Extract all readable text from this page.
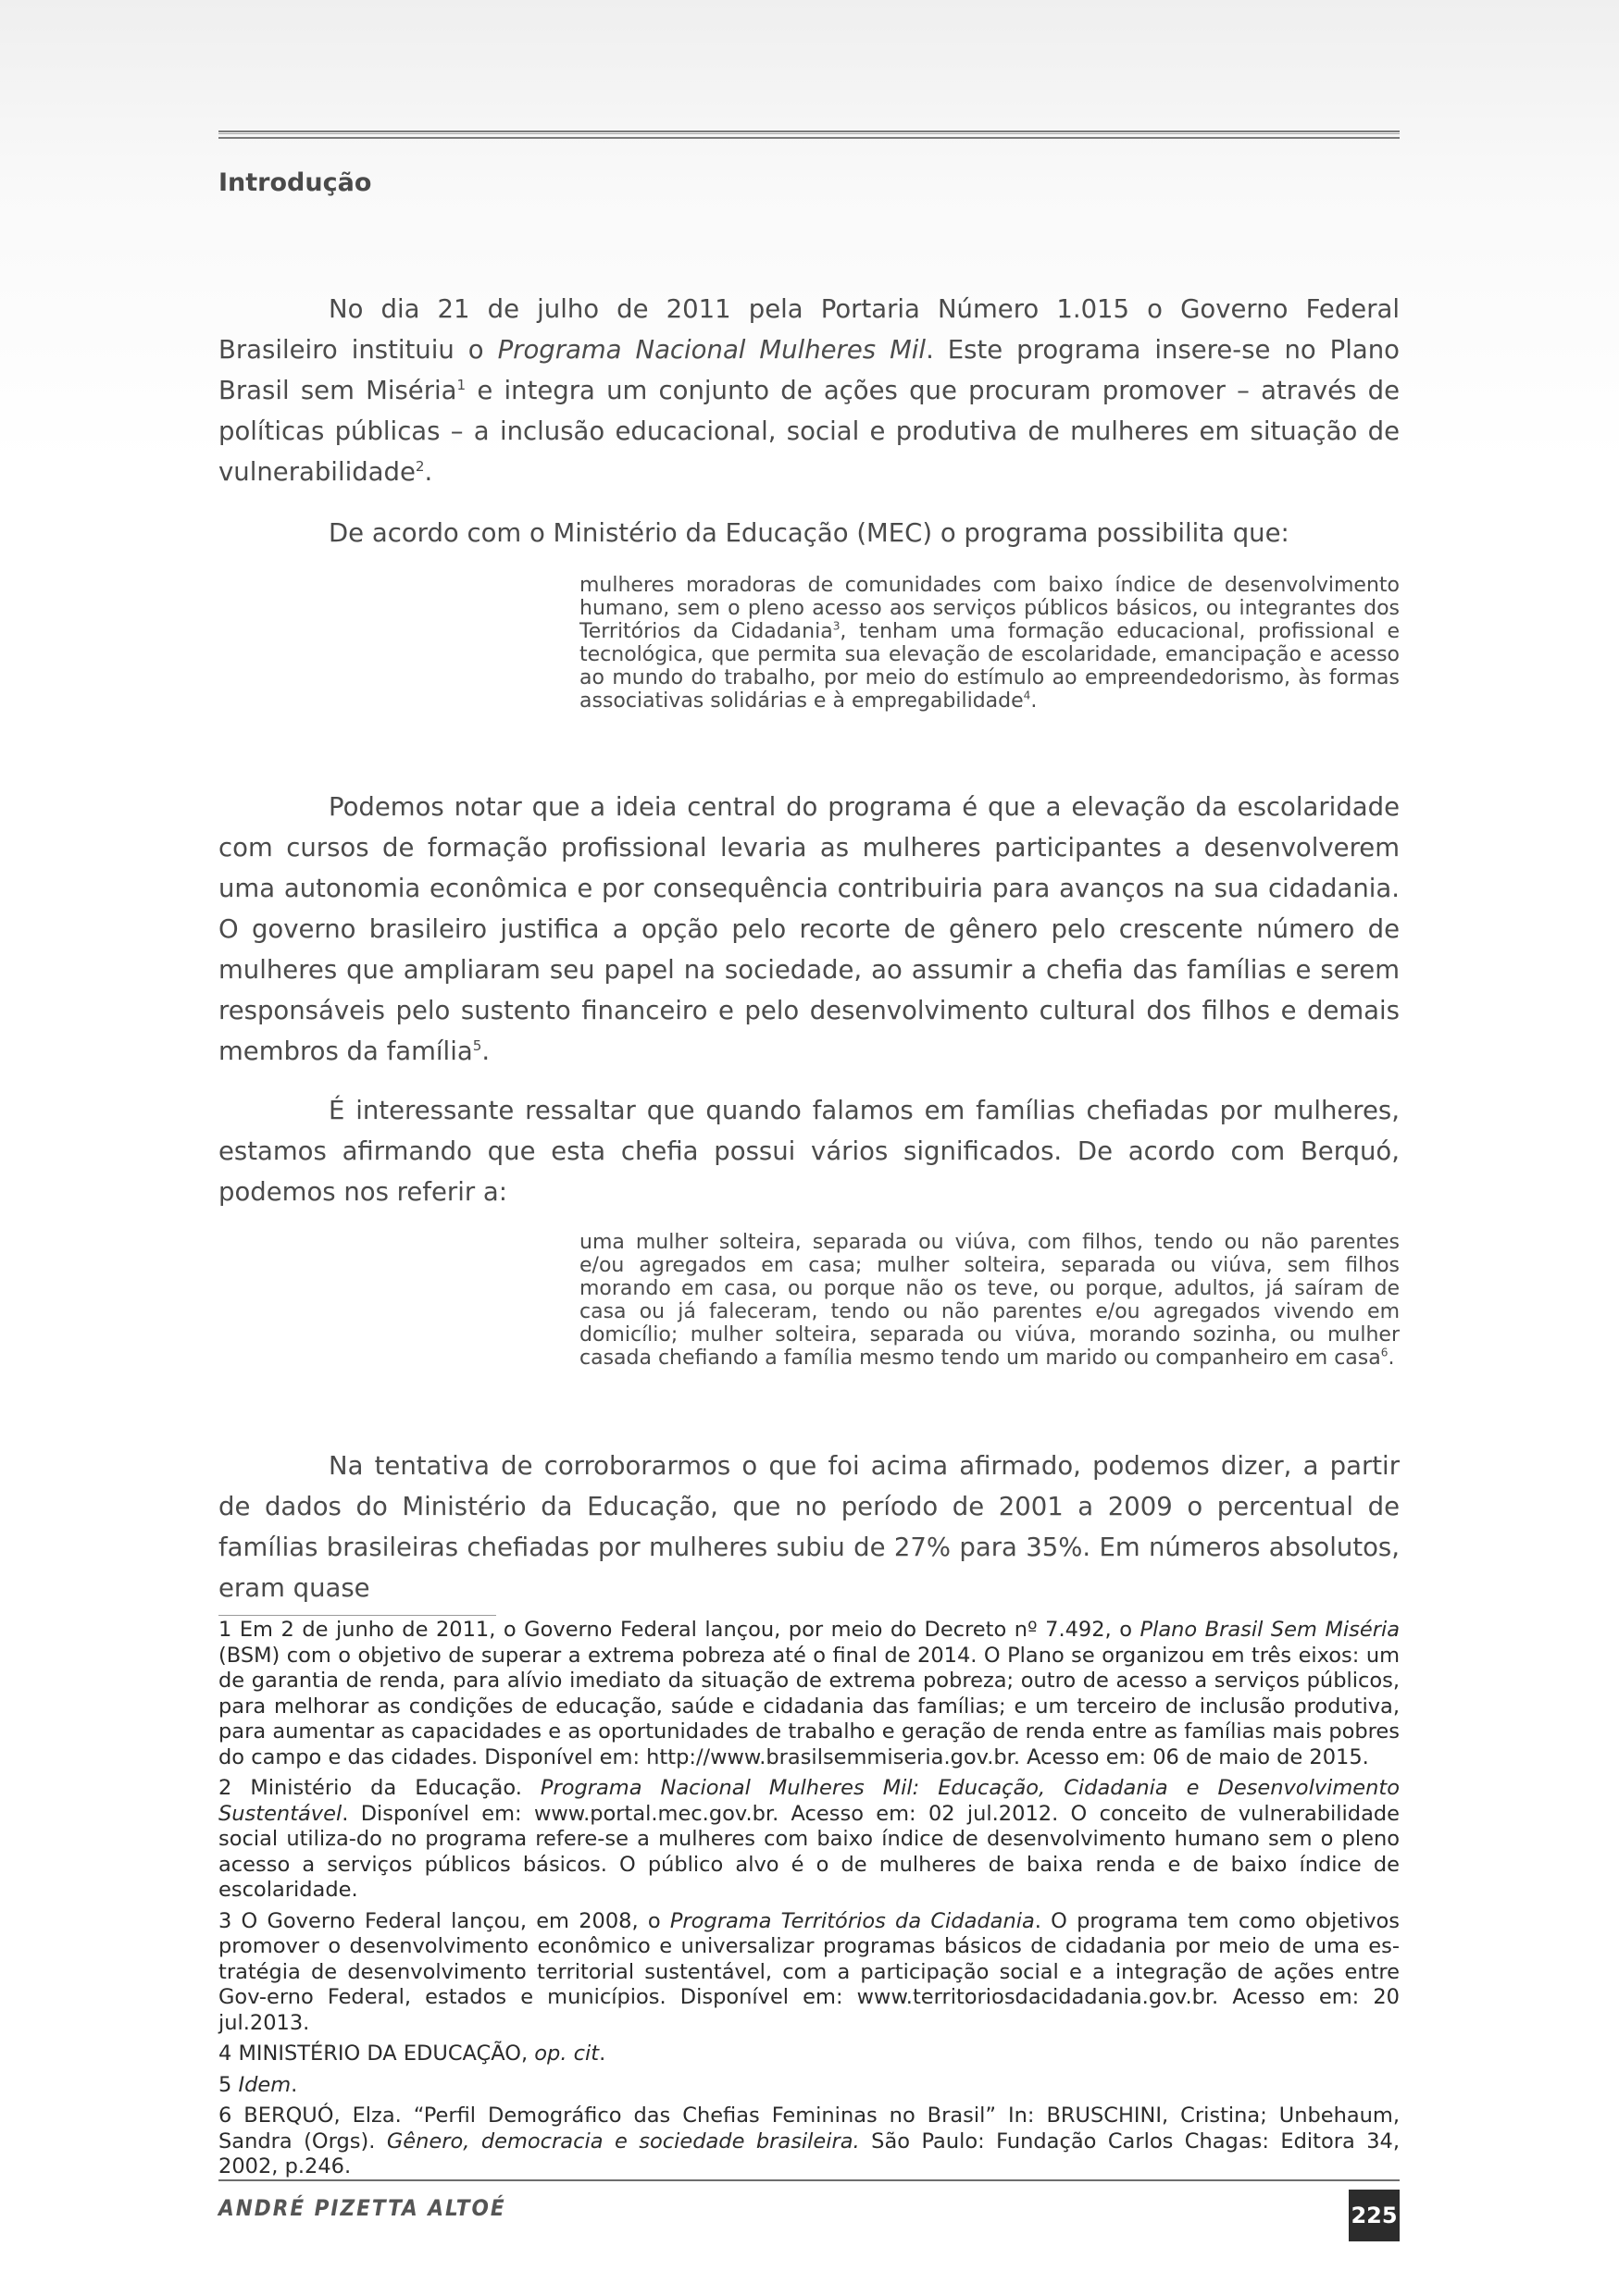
Introdução

No dia 21 de julho de 2011 pela Portaria Número 1.015 o Governo Federal Brasileiro instituiu o Programa Nacional Mulheres Mil. Este programa insere-se no Plano Brasil sem Miséria$^1$ e integra um conjunto de ações que procuram promover – através de políticas públicas – a inclusão educacional, social e produtiva de mulheres em situação de vulnerabilidade$^2$.

De acordo com o Ministério da Educação (MEC) o programa possibilita que:

mulheres moradoras de comunidades com baixo índice de desenvolvimento humano, sem o pleno acesso aos serviços públicos básicos, ou integrantes dos Territórios da Cidadania$^3$, tenham uma formação educacional, profissional e tecnológica, que permita sua elevação de escolaridade, emancipação e acesso ao mundo do trabalho, por meio do estímulo ao empreendedorismo, às formas associativas solidárias e à empregabilidade$^4$.

Podemos notar que a ideia central do programa é que a elevação da escolaridade com cursos de formação profissional levaria as mulheres participantes a desenvolverem uma autonomia econômica e por consequência contribuiria para avanços na sua cidadania. O governo brasileiro justifica a opção pelo recorte de gênero pelo crescente número de mulheres que ampliaram seu papel na sociedade, ao assumir a chefia das famílias e serem responsáveis pelo sustento financeiro e pelo desenvolvimento cultural dos filhos e demais membros da família$^5$.

É interessante ressaltar que quando falamos em famílias chefiadas por mulheres, estamos afirmando que esta chefia possui vários significados. De acordo com Berquó, podemos nos referir a:

uma mulher solteira, separada ou viúva, com filhos, tendo ou não parentes e/ou agregados em casa; mulher solteira, separada ou viúva, sem filhos morando em casa, ou porque não os teve, ou porque, adultos, já saíram de casa ou já faleceram, tendo ou não parentes e/ou agregados vivendo em domicílio; mulher solteira, separada ou viúva, morando sozinha, ou mulher casada chefiando a família mesmo tendo um marido ou companheiro em casa$^6$.

Na tentativa de corroborarmos o que foi acima afirmado, podemos dizer, a partir de dados do Ministério da Educação, que no período de 2001 a 2009 o percentual de famílias brasileiras chefiadas por mulheres subiu de 27% para 35%. Em números absolutos, eram quase

1 Em 2 de junho de 2011, o Governo Federal lançou, por meio do Decreto nº 7.492, o Plano Brasil Sem Miséria (BSM) com o objetivo de superar a extrema pobreza até o final de 2014. O Plano se organizou em três eixos: um de garantia de renda, para alívio imediato da situação de extrema pobreza; outro de acesso a serviços públicos, para melhorar as condições de educação, saúde e cidadania das famílias; e um terceiro de inclusão produtiva, para aumentar as capacidades e as oportunidades de trabalho e geração de renda entre as famílias mais pobres do campo e das cidades. Disponível em: http://www.brasilsemmiseria.gov.br. Acesso em: 06 de maio de 2015.
2 Ministério da Educação. Programa Nacional Mulheres Mil: Educação, Cidadania e Desenvolvimento Sustentável. Disponível em: www.portal.mec.gov.br. Acesso em: 02 jul.2012. O conceito de vulnerabilidade social utiliza-do no programa refere-se a mulheres com baixo índice de desenvolvimento humano sem o pleno acesso a serviços públicos básicos. O público alvo é o de mulheres de baixa renda e de baixo índice de escolaridade.
3 O Governo Federal lançou, em 2008, o Programa Territórios da Cidadania. O programa tem como objetivos promover o desenvolvimento econômico e universalizar programas básicos de cidadania por meio de uma es-tratégia de desenvolvimento territorial sustentável, com a participação social e a integração de ações entre Gov-erno Federal, estados e municípios. Disponível em: www.territoriosdacidadania.gov.br. Acesso em: 20 jul.2013.
4 MINISTÉRIO DA EDUCAÇÃO, op. cit.
5 Idem.
6 BERQUÓ, Elza. “Perfil Demográfico das Chefias Femininas no Brasil” In: BRUSCHINI, Cristina; Unbehaum, Sandra (Orgs). Gênero, democracia e sociedade brasileira. São Paulo: Fundação Carlos Chagas: Editora 34, 2002, p.246.
ANDRÉ PIZETTA ALTOÉ	225
